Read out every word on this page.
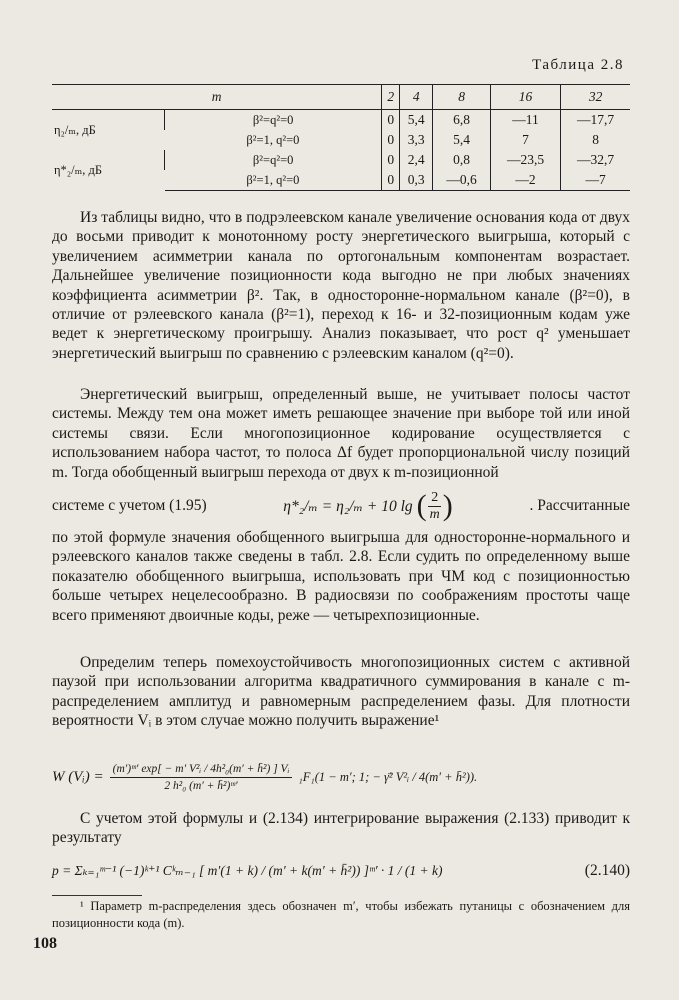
Таблица 2.8
m		2	4	8	16	32
η₂/ₘ, дБ	β²=q²=0	0	5,4	6,8	—11	—17,7
	β²=1, q²=0	0	3,3	5,4	7	8
η*₂/ₘ, дБ	β²=q²=0	0	2,4	0,8	—23,5	—32,7
	β²=1, q²=0	0	0,3	—0,6	—2	—7

Из таблицы видно, что в подрэлеевском канале увеличение основания кода от двух до восьми приводит к монотонному росту энергетического выигрыша, который с увеличением асимметрии канала по ортогональным компонентам возрастает. Дальнейшее увеличение позиционности кода выгодно не при любых значениях коэффициента асимметрии β². Так, в односторонне-нормальном канале (β²=0), в отличие от рэлеевского канала (β²=1), переход к 16- и 32-позиционным кодам уже ведет к энергетическому проигрышу. Анализ показывает, что рост q² уменьшает энергетический выигрыш по сравнению с рэлеевским каналом (q²=0).

Энергетический выигрыш, определенный выше, не учитывает полосы частот системы. Между тем она может иметь решающее значение при выборе той или иной системы связи. Если многопозиционное кодирование осуществляется с использованием набора частот, то полоса Δf будет пропорциональной числу позиций m. Тогда обобщенный выигрыш перехода от двух к m-позиционной

системе с учетом (1.95)	η*₂/ₘ = η₂/ₘ + 10 lg ( $\frac{2}{m}$ )	. Рассчитанные

по этой формуле значения обобщенного выигрыша для односторонне-нормального и рэлеевского каналов также сведены в табл. 2.8. Если судить по определенному выше показателю обобщенного выигрыша, использовать при ЧМ код с позиционностью больше четырех нецелесообразно. В радиосвязи по соображениям простоты чаще всего применяют двоичные коды, реже — четырехпозиционные.

Определим теперь помехоустойчивость многопозиционных систем с активной паузой при использовании алгоритма квадратичного суммирования в канале с m-распределением амплитуд и равномерным распределением фазы. Для плотности вероятности Vᵢ в этом случае можно получить выражение¹

W (Vᵢ) = $\frac{\text{(m′)ᵐ′ exp[ − m′ V²ᵢ / 4h²₀(m′ + h̄²) ] Vᵢ}}{\text{2 h²₀ (m′ + h̄²)ᵐ′}} _1F_1(1 - m'$; 1; − γ̄² V²ᵢ / 4(m′ + h̄²)).

С учетом этой формулы и (2.134) интегрирование выражения (2.133) приводит к результату

p = Σₖ₌₁ᵐ⁻¹ (−1)ᵏ⁺¹ Cᵏₘ₋₁ [ m′(1 + k) / (m′ + k(m′ + h̄²)) ]ᵐ′ · 1 / (1 + k)	(2.140)
¹ Параметр m-распределения здесь обозначен m′, чтобы избежать путаницы с обозначением для позиционности кода (m).
108
